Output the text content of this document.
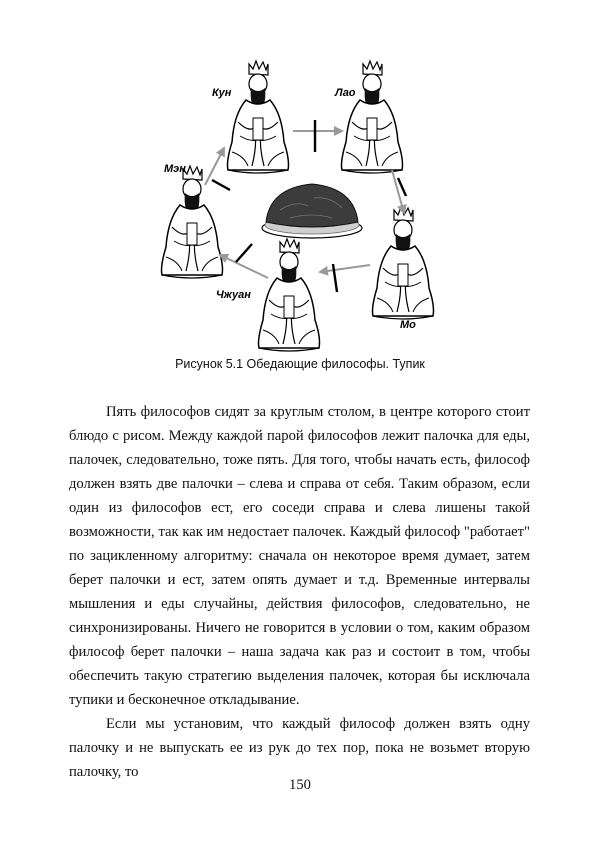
Кун	Лао
Мо
Чжуан
Мэн
Рисунок 5.1 Обедающие философы. Тупик

Пять философов сидят за круглым столом, в центре которого стоит блюдо с рисом. Между каждой парой философов лежит палочка для еды, палочек, следовательно, тоже пять. Для того, чтобы начать есть, философ должен взять две палочки – слева и справа от себя. Таким образом, если один из философов ест, его соседи справа и слева лишены такой возможности, так как им недостает палочек. Каждый философ "работает" по зацикленному алгоритму: сначала он некоторое время думает, затем берет палочки и ест, затем опять думает и т.д. Временные интервалы мышления и еды случайны, действия философов, следовательно, не синхронизированы. Ничего не говорится в условии о том, каким образом философ берет палочки – наша задача как раз и состоит в том, чтобы обеспечить такую стратегию выделения палочек, которая бы исключала тупики и бесконечное откладывание.

Если мы установим, что каждый философ должен взять одну палочку и не выпускать ее из рук до тех пор, пока не возьмет вторую палочку, то

150
